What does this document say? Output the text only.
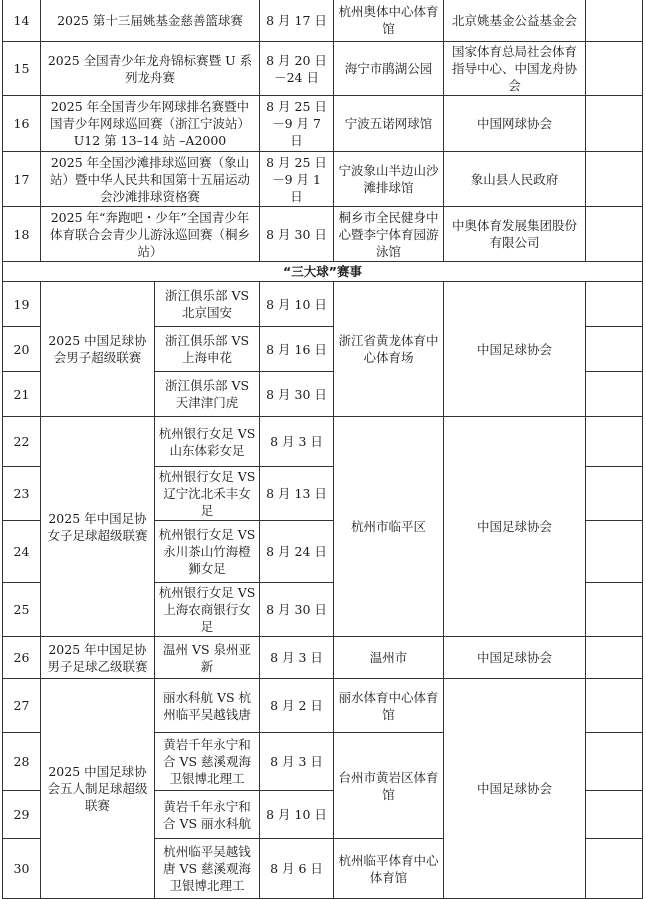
14	2025 第十三届姚基金慈善篮球赛		8 月 17 日	杭州奥体中心体育馆	北京姚基金公益基金会	
15	2025 全国青少年龙舟锦标赛暨 U 系列龙舟赛		8 月 20 日－24 日	海宁市鹃湖公园	国家体育总局社会体育指导中心、中国龙舟协会	
16	2025 年全国青少年网球排名赛暨中国青少年网球巡回赛（浙江宁波站）U12 第 13–14 站 –A2000		8 月 25 日－9 月 7 日	宁波五诺网球馆	中国网球协会	
17	2025 年全国沙滩排球巡回赛（象山站）暨中华人民共和国第十五届运动会沙滩排球资格赛		8 月 25 日－9 月 1 日	宁波象山半边山沙滩排球馆	象山县人民政府	
18	2025 年“奔跑吧・少年”全国青少年体育联合会青少儿游泳巡回赛（桐乡站）		8 月 30 日	桐乡市全民健身中心暨李宁体育园游泳馆	中奥体育发展集团股份有限公司	
“三大球”赛事						
19	2025 中国足球协会男子超级联赛	浙江俱乐部 VS 北京国安	8 月 10 日	浙江省黄龙体育中心体育场	中国足球协会	
20		浙江俱乐部 VS 上海申花	8 月 16 日			
21		浙江俱乐部 VS 天津津门虎	8 月 30 日			
22	2025 年中国足协女子足球超级联赛	杭州银行女足 VS 山东体彩女足	8 月 3 日	杭州市临平区	中国足球协会	
23		杭州银行女足 VS 辽宁沈北禾丰女足	8 月 13 日			
24		杭州银行女足 VS 永川茶山竹海橙狮女足	8 月 24 日			
25		杭州银行女足 VS 上海农商银行女足	8 月 30 日			
26	2025 年中国足协男子足球乙级联赛	温州 VS 泉州亚新	8 月 3 日	温州市	中国足球协会	
27	2025 中国足球协会五人制足球超级联赛	丽水科航 VS 杭州临平吴越钱唐	8 月 2 日	丽水体育中心体育馆	中国足球协会	
28		黄岩千年永宁和合 VS 慈溪观海卫银博北理工	8 月 3 日	台州市黄岩区体育馆		
29		黄岩千年永宁和合 VS 丽水科航	8 月 10 日			
30		杭州临平吴越钱唐 VS 慈溪观海卫银博北理工	8 月 6 日	杭州临平体育中心体育馆		
